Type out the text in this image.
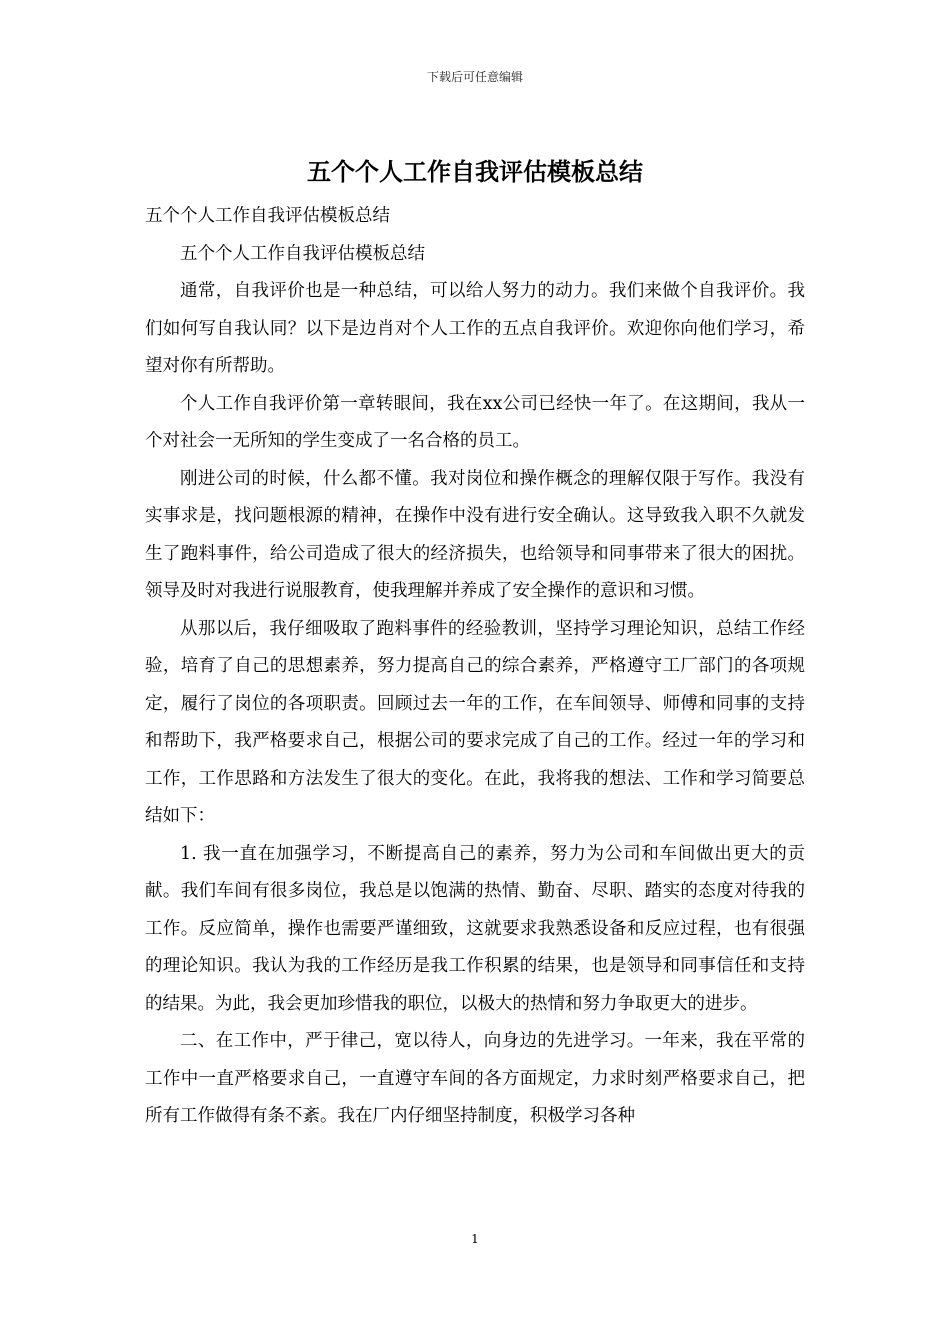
下载后可任意编辑
五个个人工作自我评估模板总结

五个个人工作自我评估模板总结

五个个人工作自我评估模板总结

通常，自我评价也是一种总结，可以给人努力的动力。我们来做个自我评价。我们如何写自我认同？以下是边肖对个人工作的五点自我评价。欢迎你向他们学习，希望对你有所帮助。

个人工作自我评价第一章转眼间，我在xx公司已经快一年了。在这期间，我从一个对社会一无所知的学生变成了一名合格的员工。

刚进公司的时候，什么都不懂。我对岗位和操作概念的理解仅限于写作。我没有实事求是，找问题根源的精神，在操作中没有进行安全确认。这导致我入职不久就发生了跑料事件，给公司造成了很大的经济损失，也给领导和同事带来了很大的困扰。领导及时对我进行说服教育，使我理解并养成了安全操作的意识和习惯。

从那以后，我仔细吸取了跑料事件的经验教训，坚持学习理论知识，总结工作经验，培育了自己的思想素养，努力提高自己的综合素养，严格遵守工厂部门的各项规定，履行了岗位的各项职责。回顾过去一年的工作，在车间领导、师傅和同事的支持和帮助下，我严格要求自己，根据公司的要求完成了自己的工作。经过一年的学习和工作，工作思路和方法发生了很大的变化。在此，我将我的想法、工作和学习简要总结如下：

1. 我一直在加强学习，不断提高自己的素养，努力为公司和车间做出更大的贡献。我们车间有很多岗位，我总是以饱满的热情、勤奋、尽职、踏实的态度对待我的工作。反应简单，操作也需要严谨细致，这就要求我熟悉设备和反应过程，也有很强的理论知识。我认为我的工作经历是我工作积累的结果，也是领导和同事信任和支持的结果。为此，我会更加珍惜我的职位，以极大的热情和努力争取更大的进步。

二、在工作中，严于律己，宽以待人，向身边的先进学习。一年来，我在平常的工作中一直严格要求自己，一直遵守车间的各方面规定，力求时刻严格要求自己，把所有工作做得有条不紊。我在厂内仔细坚持制度，积极学习各种

1
